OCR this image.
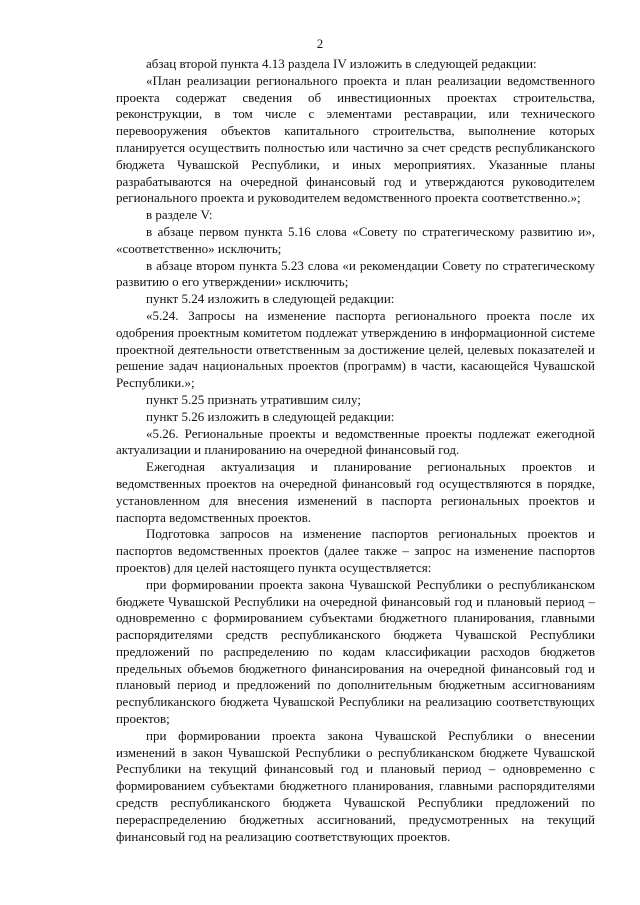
2

абзац второй пункта 4.13 раздела IV изложить в следующей редакции:

«План реализации регионального проекта и план реализации ведомственного проекта содержат сведения об инвестиционных проектах строительства, реконструкции, в том числе с элементами реставрации, или технического перевооружения объектов капитального строительства, выполнение которых планируется осуществить полностью или частично за счет средств республиканского бюджета Чувашской Республики, и иных мероприятиях. Указанные планы разрабатываются на очередной финансовый год и утверждаются руководителем регионального проекта и руководителем ведомственного проекта соответственно.»;

в разделе V:

в абзаце первом пункта 5.16 слова «Совету по стратегическому развитию и», «соответственно» исключить;

в абзаце втором пункта 5.23 слова «и рекомендации Совету по стратегическому развитию о его утверждении» исключить;

пункт 5.24 изложить в следующей редакции:

«5.24. Запросы на изменение паспорта регионального проекта после их одобрения проектным комитетом подлежат утверждению в информационной системе проектной деятельности ответственным за достижение целей, целевых показателей и решение задач национальных проектов (программ) в части, касающейся Чувашской Республики.»;

пункт 5.25 признать утратившим силу;

пункт 5.26 изложить в следующей редакции:

«5.26. Региональные проекты и ведомственные проекты подлежат ежегодной актуализации и планированию на очередной финансовый год.

Ежегодная актуализация и планирование региональных проектов и ведомственных проектов на очередной финансовый год осуществляются в порядке, установленном для внесения изменений в паспорта региональных проектов и паспорта ведомственных проектов.

Подготовка запросов на изменение паспортов региональных проектов и паспортов ведомственных проектов (далее также – запрос на изменение паспортов проектов) для целей настоящего пункта осуществляется:

при формировании проекта закона Чувашской Республики о республиканском бюджете Чувашской Республики на очередной финансовый год и плановый период – одновременно с формированием субъектами бюджетного планирования, главными распорядителями средств республиканского бюджета Чувашской Республики предложений по распределению по кодам классификации расходов бюджетов предельных объемов бюджетного финансирования на очередной финансовый год и плановый период и предложений по дополнительным бюджетным ассигнованиям республиканского бюджета Чувашской Республики на реализацию соответствующих проектов;

при формировании проекта закона Чувашской Республики о внесении изменений в закон Чувашской Республики о республиканском бюджете Чувашской Республики на текущий финансовый год и плановый период – одновременно с формированием субъектами бюджетного планирования, главными распорядителями средств республиканского бюджета Чувашской Республики предложений по перераспределению бюджетных ассигнований, предусмотренных на текущий финансовый год на реализацию соответствующих проектов.
